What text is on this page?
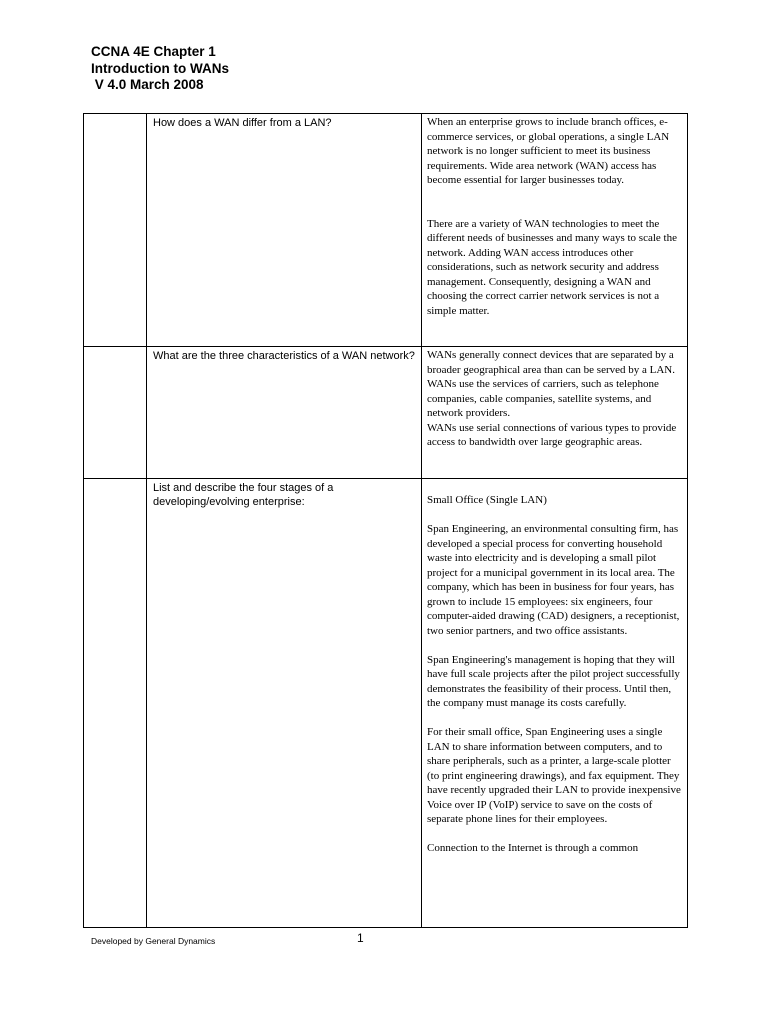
CCNA 4E Chapter 1
Introduction to WANs
V 4.0 March 2008

	How does a WAN differ from a LAN?	When an enterprise grows to include branch offices, e-commerce services, or global operations, a single LAN network is no longer sufficient to meet its business requirements. Wide area network (WAN) access has become essential for larger businesses today.

There are a variety of WAN technologies to meet the different needs of businesses and many ways to scale the network. Adding WAN access introduces other considerations, such as network security and address management. Consequently, designing a WAN and choosing the correct carrier network services is not a simple matter.

	What are the three characteristics of a WAN network?	WANs generally connect devices that are separated by a broader geographical area than can be served by a LAN.

WANs use the services of carriers, such as telephone companies, cable companies, satellite systems, and network providers.

WANs use serial connections of various types to provide access to bandwidth over large geographic areas.

	List and describe the four stages of a developing/evolving enterprise:	Small Office (Single LAN)

Span Engineering, an environmental consulting firm, has developed a special process for converting household waste into electricity and is developing a small pilot project for a municipal government in its local area. The company, which has been in business for four years, has grown to include 15 employees: six engineers, four computer-aided drawing (CAD) designers, a receptionist, two senior partners, and two office assistants.

Span Engineering's management is hoping that they will have full scale projects after the pilot project successfully demonstrates the feasibility of their process. Until then, the company must manage its costs carefully.

For their small office, Span Engineering uses a single LAN to share information between computers, and to share peripherals, such as a printer, a large-scale plotter (to print engineering drawings), and fax equipment. They have recently upgraded their LAN to provide inexpensive Voice over IP (VoIP) service to save on the costs of separate phone lines for their employees.

Connection to the Internet is through a common

Developed by General Dynamics	1
